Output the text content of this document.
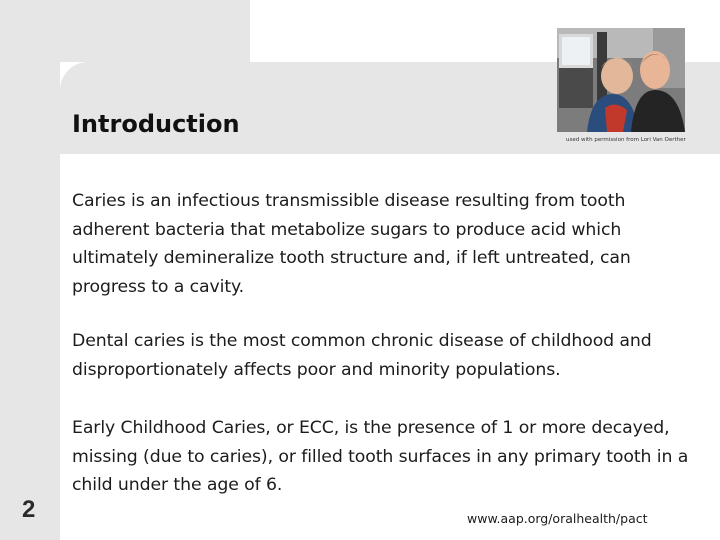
Introduction
used with permission from Lori Van Oerther

Caries is an infectious transmissible disease resulting from tooth adherent bacteria that metabolize sugars to produce acid which ultimately demineralize tooth structure and, if left untreated, can progress to a cavity.

Dental caries is the most common chronic disease of childhood and disproportionately affects poor and minority populations.

Early Childhood Caries, or ECC, is the presence of 1 or more decayed, missing (due to caries), or filled tooth surfaces in any primary tooth in a child under the age of 6.

2	www.aap.org/oralhealth/pact
